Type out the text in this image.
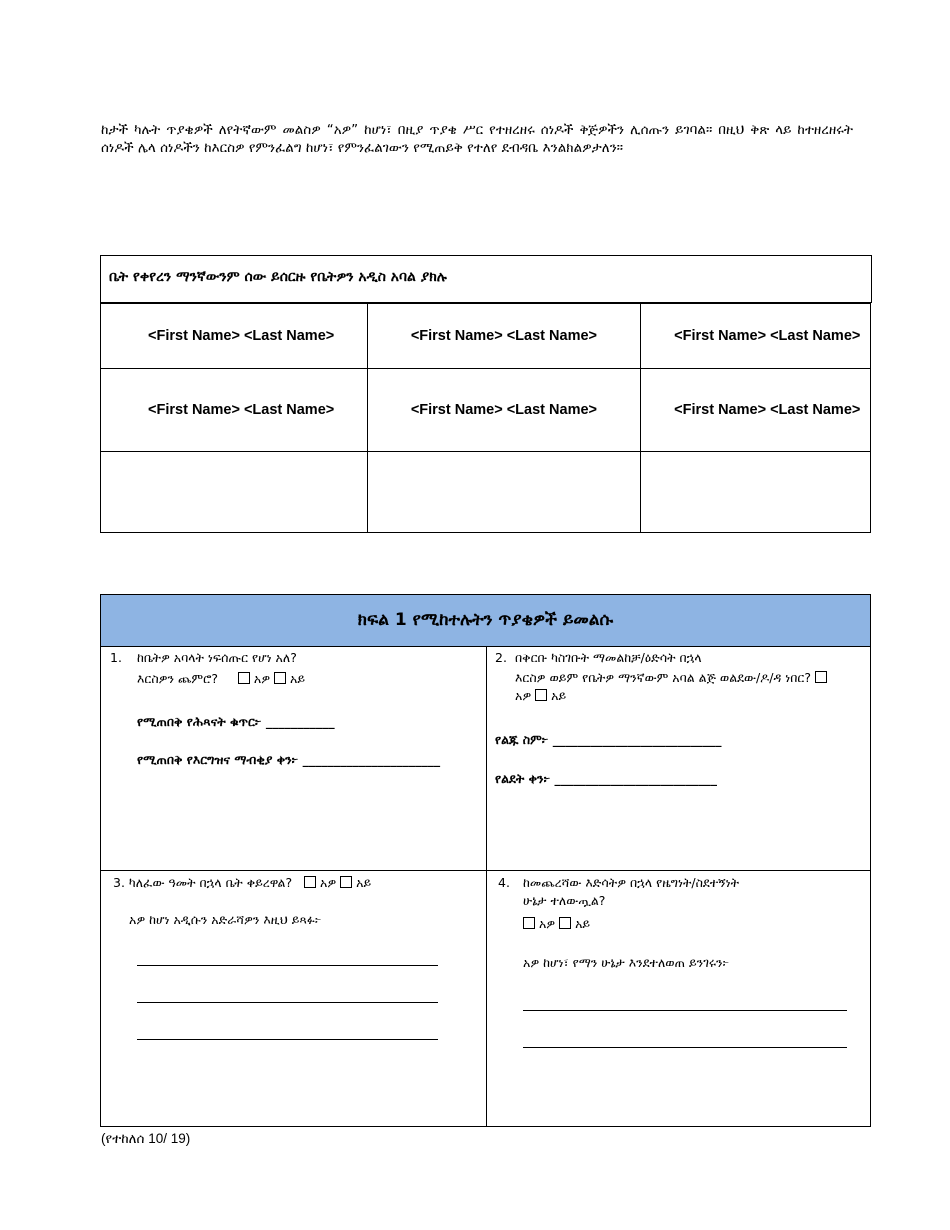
ከታች ካሉት ጥያቄዎች ለየትኛውም መልስዎ “አዎ” ከሆነ፣ በዚያ ጥያቄ ሥር የተዘረዘሩ ሰነዶች ቅጅዎችን ሊሰጡን ይገባል። በዚህ ቅጽ ላይ ከተዘረዘሩት ሰነዶች ሌላ ሰነዶችን ከእርስዎ የምንፈልግ ከሆነ፣ የምንፈልገውን የሚጠይቅ የተለየ ደብዳቤ እንልክልዎታለን።
ቤት የቀየረን ማንኛውንም ሰው ይሰርዙ የቤትዎን አዲስ አባል ያክሉ
<First Name> <Last Name>	<First Name> <Last Name>	<First Name> <Last Name>
<First Name> <Last Name>	<First Name> <Last Name>	<First Name> <Last Name>

ክፍል 1 የሚከተሉትን ጥያቄዎች ይመልሱ
1. ከቤትዎ አባላት ነፍሰጡር የሆነ አለ?
እርስዎን ጨምሮ?	አዎ አይ
የሚጠበቅ የሕጻናት ቁጥር፦ ___________
የሚጠበቅ የእርግዝና ማብቂያ ቀን፦ ______________________
2. በቅርቡ ካስገቡት ማመልከቻ/ዕድሳት በኋላ
እርስዎ ወይም የቤትዎ ማንኛውም አባል ልጅ ወልደው/ዶ/ዳ ነበር?
አዎ አይ
የልጁ ስም፦ ___________________________
የልደት ቀን፦ __________________________
3. ካለፈው ዓመት በኋላ ቤት ቀይረዋል? አዎ አይ
አዎ ከሆነ አዲሱን አድራሻዎን እዚህ ይጻፉ፦
4. ከመጨረሻው እድሳትዎ በኋላ የዜግነት/ስደተኝነት
ሁኔታ ተለውጧል?
አዎ አይ
አዎ ከሆነ፣ የማን ሁኔታ እንደተለወጠ ይንገሩን፦
(የተከለሰ 10/ 19)
